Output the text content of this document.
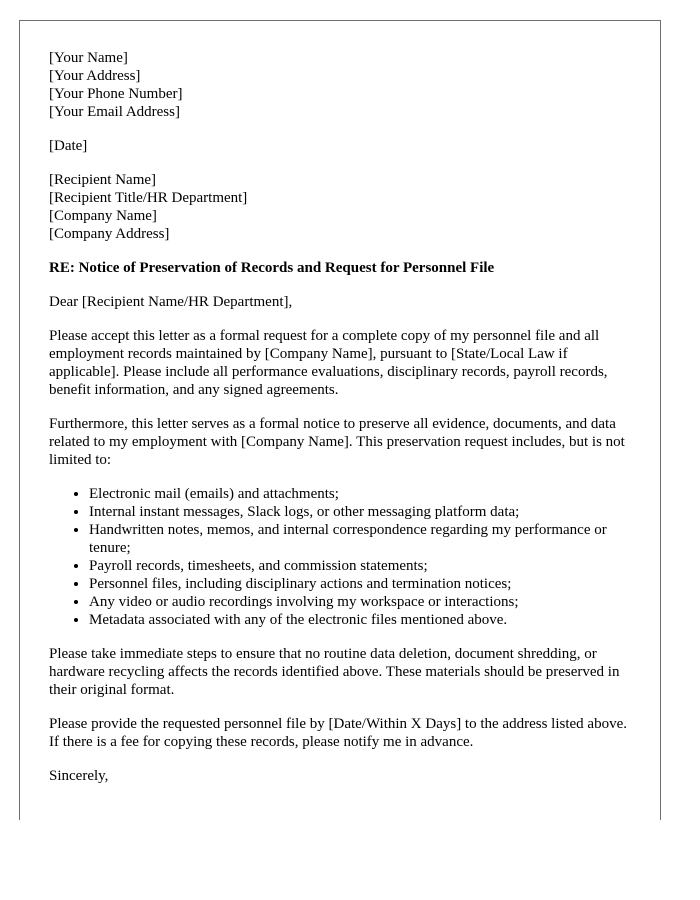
[Your Name]
[Your Address]
[Your Phone Number]
[Your Email Address]
[Date]
[Recipient Name]
[Recipient Title/HR Department]
[Company Name]
[Company Address]
RE: Notice of Preservation of Records and Request for Personnel File

Dear [Recipient Name/HR Department],

Please accept this letter as a formal request for a complete copy of my personnel file and all employment records maintained by [Company Name], pursuant to [State/Local Law if applicable]. Please include all performance evaluations, disciplinary records, payroll records, benefit information, and any signed agreements.

Furthermore, this letter serves as a formal notice to preserve all evidence, documents, and data related to my employment with [Company Name]. This preservation request includes, but is not limited to:

• Electronic mail (emails) and attachments;
• Internal instant messages, Slack logs, or other messaging platform data;
• Handwritten notes, memos, and internal correspondence regarding my performance or tenure;
• Payroll records, timesheets, and commission statements;
• Personnel files, including disciplinary actions and termination notices;
• Any video or audio recordings involving my workspace or interactions;
• Metadata associated with any of the electronic files mentioned above.

Please take immediate steps to ensure that no routine data deletion, document shredding, or hardware recycling affects the records identified above. These materials should be preserved in their original format.

Please provide the requested personnel file by [Date/Within X Days] to the address listed above. If there is a fee for copying these records, please notify me in advance.

Sincerely,
